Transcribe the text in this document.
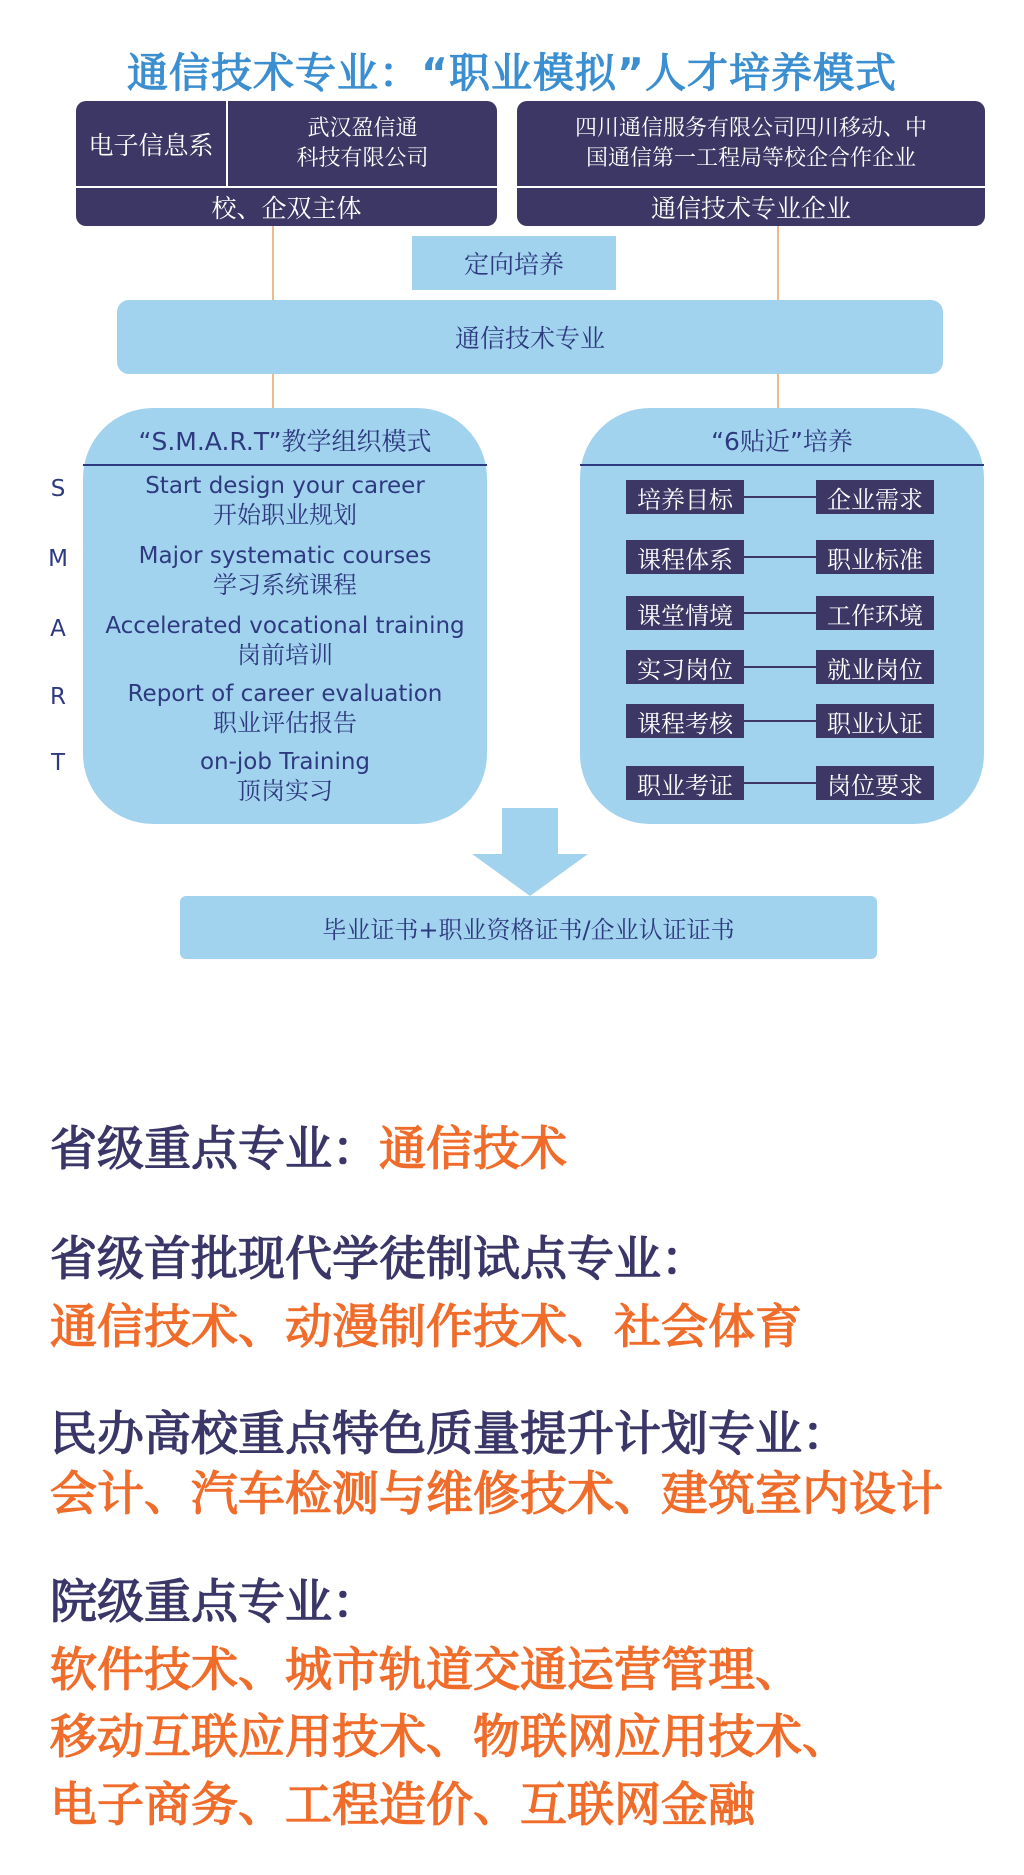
通信技术专业：“职业模拟”人才培养模式
电子信息系
武汉盈信通
科技有限公司
校、企双主体
四川通信服务有限公司四川移动、中
国通信第一工程局等校企合作企业
通信技术专业企业
定向培养
通信技术专业
S
M
A
R
T
“S.M.A.R.T”教学组织模式
Start design your career
开始职业规划
Major systematic courses
学习系统课程
Accelerated vocational training
岗前培训
Report of career evaluation
职业评估报告
on-job Training
顶岗实习
“6贴近”培养
培养目标	企业需求
课程体系	职业标准
课堂情境	工作环境
实习岗位	就业岗位
课程考核	职业认证
职业考证	岗位要求
毕业证书+职业资格证书/企业认证证书
省级重点专业：通信技术
省级首批现代学徒制试点专业：
通信技术、动漫制作技术、社会体育
民办高校重点特色质量提升计划专业：
会计、汽车检测与维修技术、建筑室内设计
院级重点专业：
软件技术、城市轨道交通运营管理、
移动互联应用技术、物联网应用技术、
电子商务、工程造价、互联网金融
